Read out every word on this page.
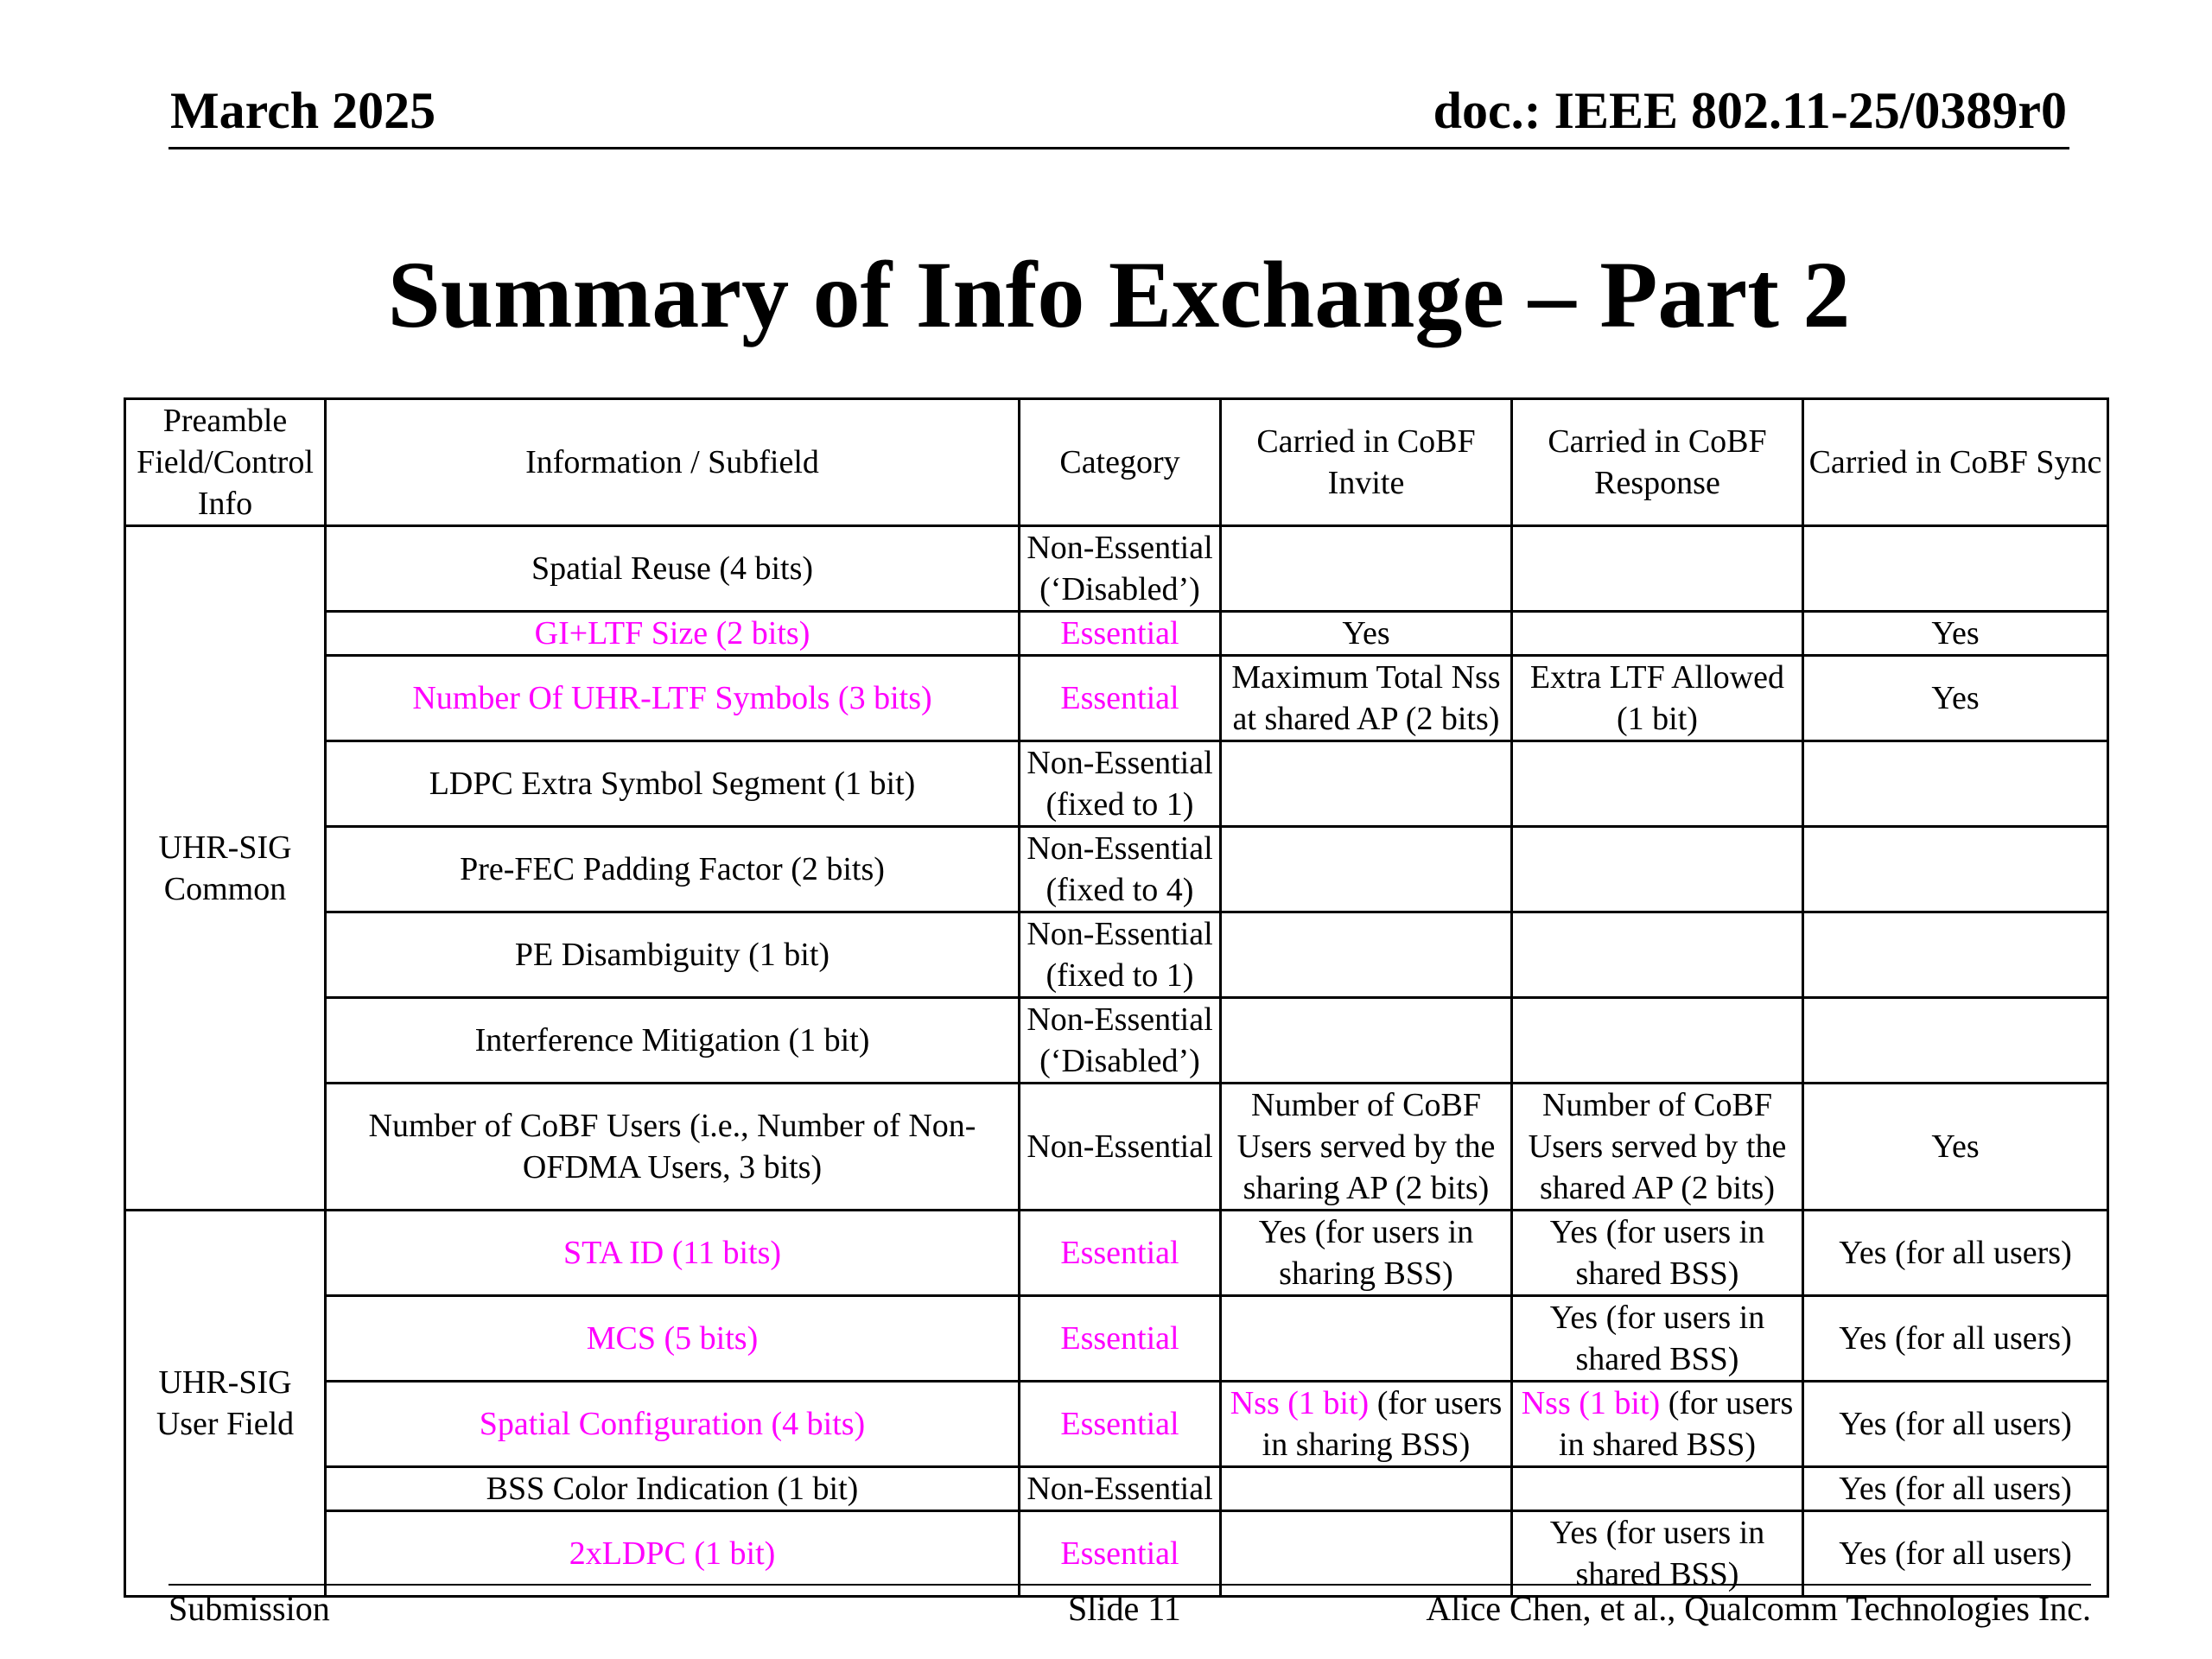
March 2025	doc.: IEEE 802.11-25/0389r0
Summary of Info Exchange – Part 2
Preamble Field/Control Info	Information / Subfield	Category	Carried in CoBF Invite	Carried in CoBF Response	Carried in CoBF Sync
UHR-SIG Common	Spatial Reuse (4 bits)	Non-Essential (‘Disabled’)			
	GI+LTF Size (2 bits)	Essential	Yes		Yes
	Number Of UHR-LTF Symbols (3 bits)	Essential	Maximum Total Nss at shared AP (2 bits)	Extra LTF Allowed (1 bit)	Yes
	LDPC Extra Symbol Segment (1 bit)	Non-Essential (fixed to 1)			
	Pre-FEC Padding Factor (2 bits)	Non-Essential (fixed to 4)			
	PE Disambiguity (1 bit)	Non-Essential (fixed to 1)			
	Interference Mitigation (1 bit)	Non-Essential (‘Disabled’)			
	Number of CoBF Users (i.e., Number of Non-OFDMA Users, 3 bits)	Non-Essential	Number of CoBF Users served by the sharing AP (2 bits)	Number of CoBF Users served by the shared AP (2 bits)	Yes
UHR-SIG User Field	STA ID (11 bits)	Essential	Yes (for users in sharing BSS)	Yes (for users in shared BSS)	Yes (for all users)
	MCS (5 bits)	Essential		Yes (for users in shared BSS)	Yes (for all users)
	Spatial Configuration (4 bits)	Essential	Nss (1 bit) (for users in sharing BSS)	Nss (1 bit) (for users in shared BSS)	Yes (for all users)
	BSS Color Indication (1 bit)	Non-Essential			Yes (for all users)
	2xLDPC (1 bit)	Essential		Yes (for users in shared BSS)	Yes (for all users)
Submission	Slide 11	Alice Chen, et al., Qualcomm Technologies Inc.
